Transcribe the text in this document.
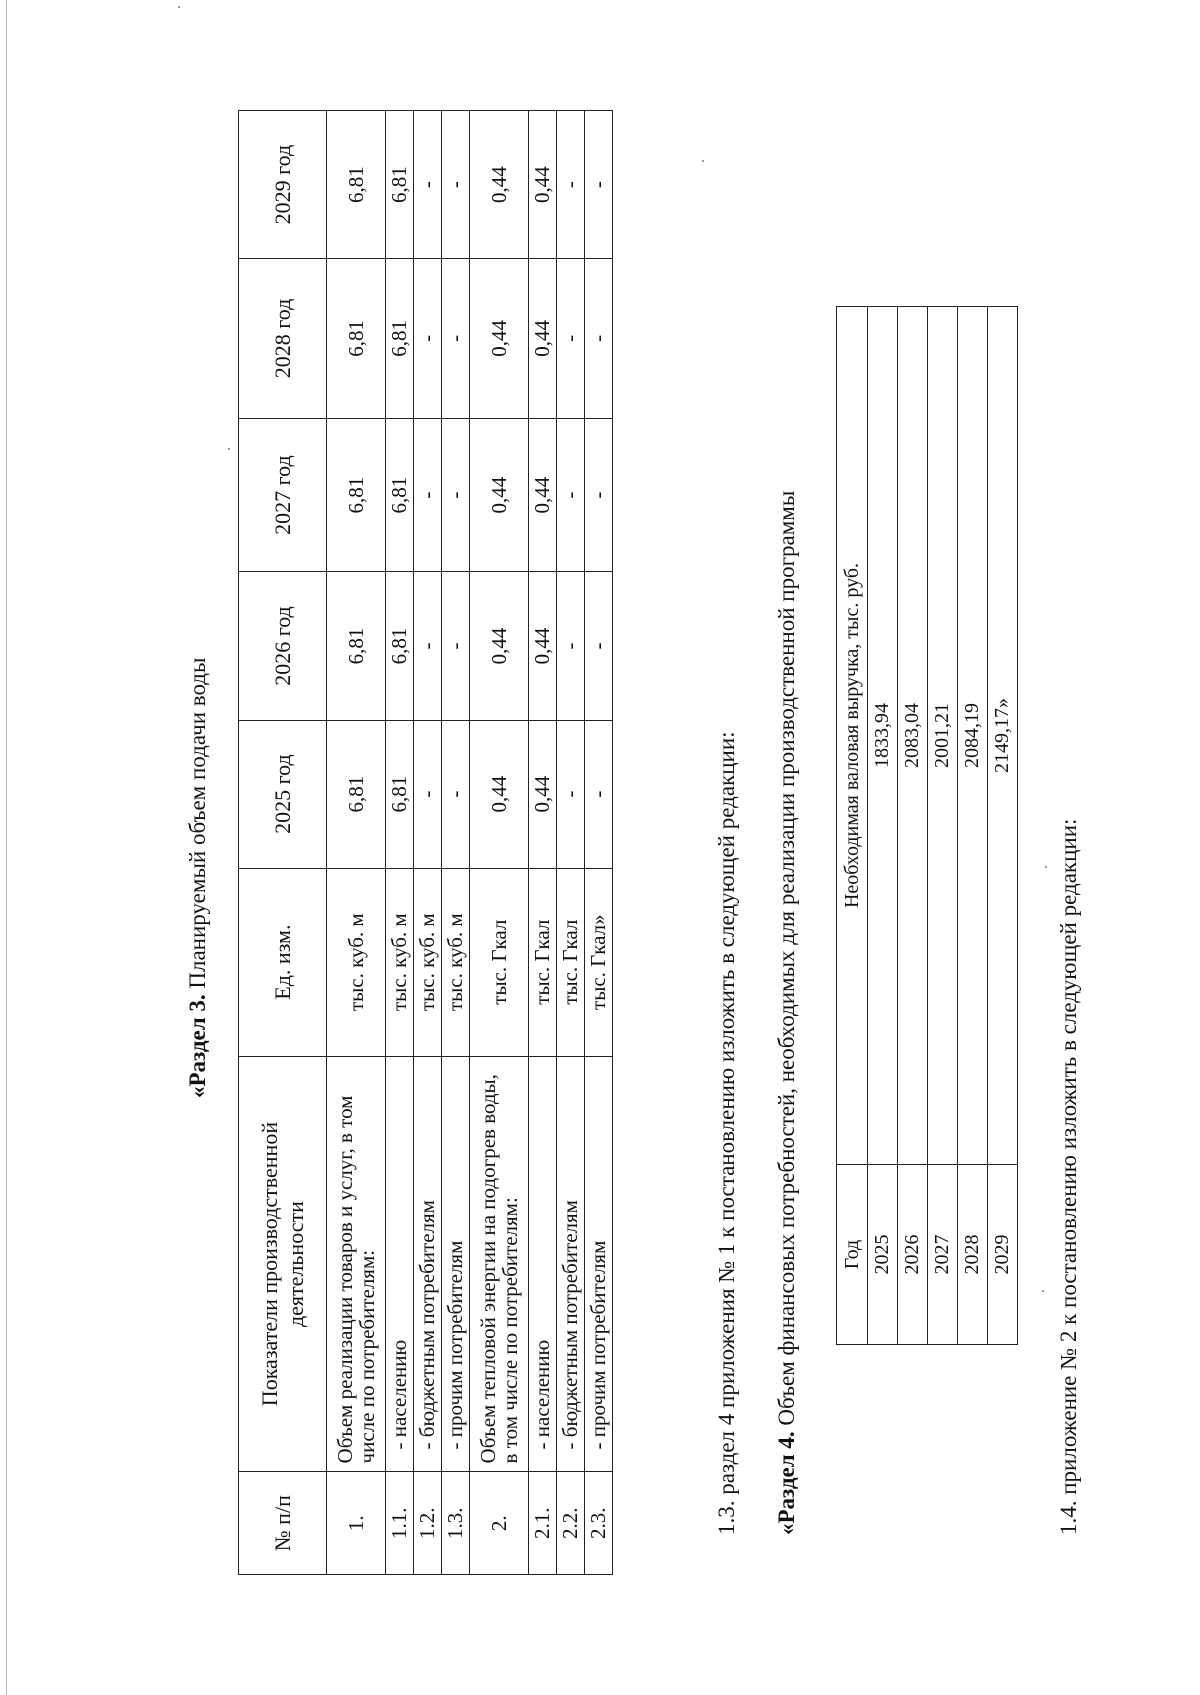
«Раздел 3. Планируемый объем подачи воды
№ п/п	Показатели производственной деятельности	Ед. изм.	2025 год	2026 год	2027 год	2028 год	2029 год
1.	Объем реализации товаров и услуг, в том числе по потребителям:	тыс. куб. м	6,81	6,81	6,81	6,81	6,81
1.1.	- населению	тыс. куб. м	6,81	6,81	6,81	6,81	6,81
1.2.	- бюджетным потребителям	тыс. куб. м	-	-	-	-	-
1.3.	- прочим потребителям	тыс. куб. м	-	-	-	-	-
2.	Объем тепловой энергии на подогрев воды, в том числе по потребителям:	тыс. Гкал	0,44	0,44	0,44	0,44	0,44
2.1.	- населению	тыс. Гкал	0,44	0,44	0,44	0,44	0,44
2.2.	- бюджетным потребителям	тыс. Гкал	-	-	-	-	-
2.3.	- прочим потребителям	тыс. Гкал»	-	-	-	-	-
1.3. раздел 4 приложения № 1 к постановлению изложить в следующей редакции: «Раздел 4. Объем финансовых потребностей, необходимых для реализации производственной программы Год	Необходимая валовая выручка, тыс. руб.
2025	1833,94
2026	2083,04
2027	2001,21
2028	2084,19
2029	2149,17»
1.4. приложение № 2 к постановлению изложить в следующей редакции:
